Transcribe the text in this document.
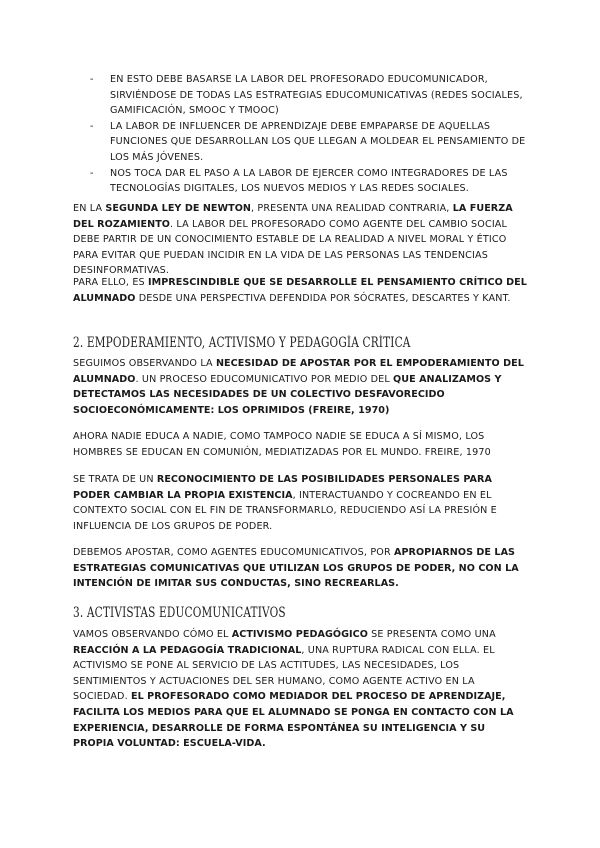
- EN ESTO DEBE BASARSE LA LABOR DEL PROFESORADO EDUCOMUNICADOR, SIRVIÉNDOSE DE TODAS LAS ESTRATEGIAS EDUCOMUNICATIVAS (REDES SOCIALES, GAMIFICACIÓN, SMOOC Y TMOOC)
- LA LABOR DE INFLUENCER DE APRENDIZAJE DEBE EMPAPARSE DE AQUELLAS FUNCIONES QUE DESARROLLAN LOS QUE LLEGAN A MOLDEAR EL PENSAMIENTO DE LOS MÁS JÓVENES.
- NOS TOCA DAR EL PASO A LA LABOR DE EJERCER COMO INTEGRADORES DE LAS TECNOLOGÍAS DIGITALES, LOS NUEVOS MEDIOS Y LAS REDES SOCIALES.

EN LA SEGUNDA LEY DE NEWTON, PRESENTA UNA REALIDAD CONTRARIA, LA FUERZA DEL ROZAMIENTO. LA LABOR DEL PROFESORADO COMO AGENTE DEL CAMBIO SOCIAL DEBE PARTIR DE UN CONOCIMIENTO ESTABLE DE LA REALIDAD A NIVEL MORAL Y ÉTICO PARA EVITAR QUE PUEDAN INCIDIR EN LA VIDA DE LAS PERSONAS LAS TENDENCIAS DESINFORMATIVAS.

PARA ELLO, ES IMPRESCINDIBLE QUE SE DESARROLLE EL PENSAMIENTO CRÍTICO DEL ALUMNADO DESDE UNA PERSPECTIVA DEFENDIDA POR SÓCRATES, DESCARTES Y KANT.

2. EMPODERAMIENTO, ACTIVISMO Y PEDAGOGÍA CRÍTICA

SEGUIMOS OBSERVANDO LA NECESIDAD DE APOSTAR POR EL EMPODERAMIENTO DEL ALUMNADO. UN PROCESO EDUCOMUNICATIVO POR MEDIO DEL QUE ANALIZAMOS Y DETECTAMOS LAS NECESIDADES DE UN COLECTIVO DESFAVORECIDO SOCIOECONÓMICAMENTE: LOS OPRIMIDOS (FREIRE, 1970)

AHORA NADIE EDUCA A NADIE, COMO TAMPOCO NADIE SE EDUCA A SÍ MISMO, LOS HOMBRES SE EDUCAN EN COMUNIÓN, MEDIATIZADAS POR EL MUNDO. FREIRE, 1970

SE TRATA DE UN RECONOCIMIENTO DE LAS POSIBILIDADES PERSONALES PARA PODER CAMBIAR LA PROPIA EXISTENCIA, INTERACTUANDO Y COCREANDO EN EL CONTEXTO SOCIAL CON EL FIN DE TRANSFORMARLO, REDUCIENDO ASÍ LA PRESIÓN E INFLUENCIA DE LOS GRUPOS DE PODER.

DEBEMOS APOSTAR, COMO AGENTES EDUCOMUNICATIVOS, POR APROPIARNOS DE LAS ESTRATEGIAS COMUNICATIVAS QUE UTILIZAN LOS GRUPOS DE PODER, NO CON LA INTENCIÓN DE IMITAR SUS CONDUCTAS, SINO RECREARLAS.

3. ACTIVISTAS EDUCOMUNICATIVOS

VAMOS OBSERVANDO CÓMO EL ACTIVISMO PEDAGÓGICO SE PRESENTA COMO UNA REACCIÓN A LA PEDAGOGÍA TRADICIONAL, UNA RUPTURA RADICAL CON ELLA. EL ACTIVISMO SE PONE AL SERVICIO DE LAS ACTITUDES, LAS NECESIDADES, LOS SENTIMIENTOS Y ACTUACIONES DEL SER HUMANO, COMO AGENTE ACTIVO EN LA SOCIEDAD. EL PROFESORADO COMO MEDIADOR DEL PROCESO DE APRENDIZAJE, FACILITA LOS MEDIOS PARA QUE EL ALUMNADO SE PONGA EN CONTACTO CON LA EXPERIENCIA, DESARROLLE DE FORMA ESPONTÁNEA SU INTELIGENCIA Y SU PROPIA VOLUNTAD: ESCUELA-VIDA.
